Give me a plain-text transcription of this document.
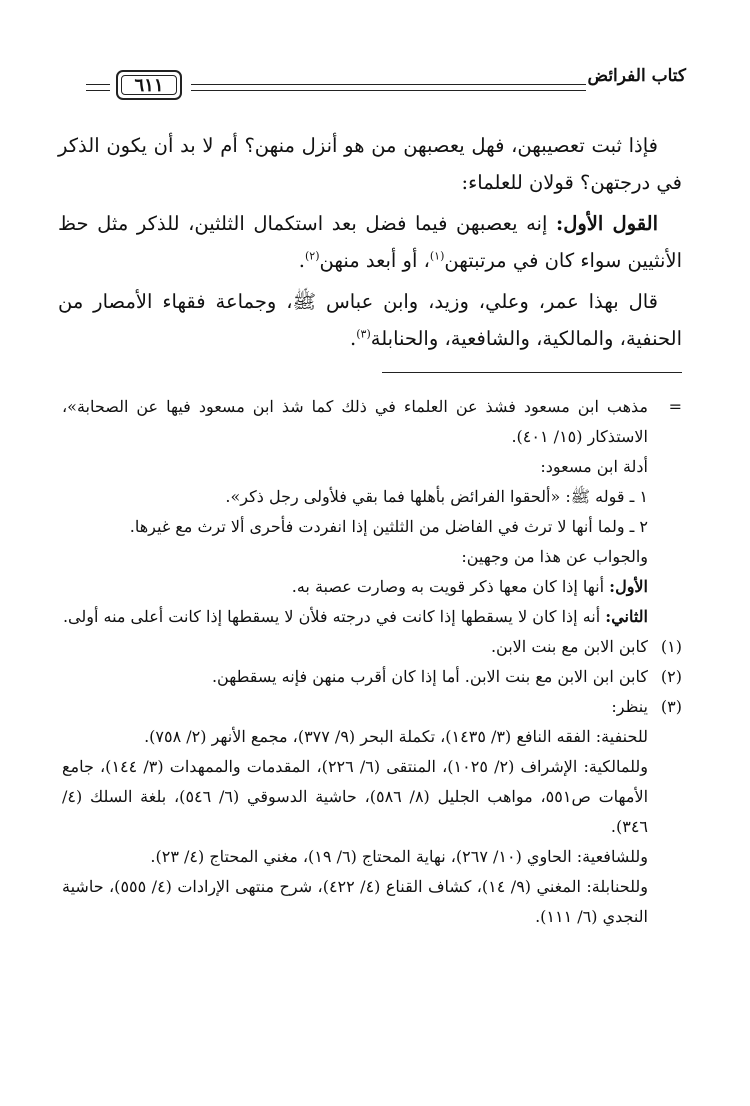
كتاب الفرائض
٦١١

فإذا ثبت تعصيبهن، فهل يعصبهن من هو أنزل منهن؟ أم لا بد أن يكون الذكر في درجتهن؟ قولان للعلماء:

القول الأول: إنه يعصبهن فيما فضل بعد استكمال الثلثين، للذكر مثل حظ الأنثيين سواء كان في مرتبتهن$^{(١)}$، أو أبعد منهن$^{(٢)}$.

قال بهذا عمر، وعلي، وزيد، وابن عباس ﷺ، وجماعة فقهاء الأمصار من الحنفية، والمالكية، والشافعية، والحنابلة$^{(٣)}$.

=
مذهب ابن مسعود فشذ عن العلماء في ذلك كما شذ ابن مسعود فيها عن الصحابة»، الاستذكار (١٥/ ٤٠١).
أدلة ابن مسعود:
١ ـ قوله ﷺ: «ألحقوا الفرائض بأهلها فما بقي فلأولى رجل ذكر».
٢ ـ ولما أنها لا ترث في الفاضل من الثلثين إذا انفردت فأحرى ألا ترث مع غيرها.
والجواب عن هذا من وجهين:
الأول: أنها إذا كان معها ذكر قويت به وصارت عصبة به.
الثاني: أنه إذا كان لا يسقطها إذا كانت في درجته فلأن لا يسقطها إذا كانت أعلى منه أولى.
(١)
كابن الابن مع بنت الابن.
(٢)
كابن ابن الابن مع بنت الابن. أما إذا كان أقرب منهن فإنه يسقطهن.
(٣)
ينظر:
للحنفية: الفقه النافع (٣/ ١٤٣٥)، تكملة البحر (٩/ ٣٧٧)، مجمع الأنهر (٢/ ٧٥٨).
وللمالكية: الإشراف (٢/ ١٠٢٥)، المنتقى (٦/ ٢٢٦)، المقدمات والممهدات (٣/ ١٤٤)، جامع الأمهات ص٥٥١، مواهب الجليل (٨/ ٥٨٦)، حاشية الدسوقي (٦/ ٥٤٦)، بلغة السلك (٤/ ٣٤٦).
وللشافعية: الحاوي (١٠/ ٢٦٧)، نهاية المحتاج (٦/ ١٩)، مغني المحتاج (٤/ ٢٣).
وللحنابلة: المغني (٩/ ١٤)، كشاف القناع (٤/ ٤٢٢)، شرح منتهى الإرادات (٤/ ٥٥٥)، حاشية النجدي (٦/ ١١١).
